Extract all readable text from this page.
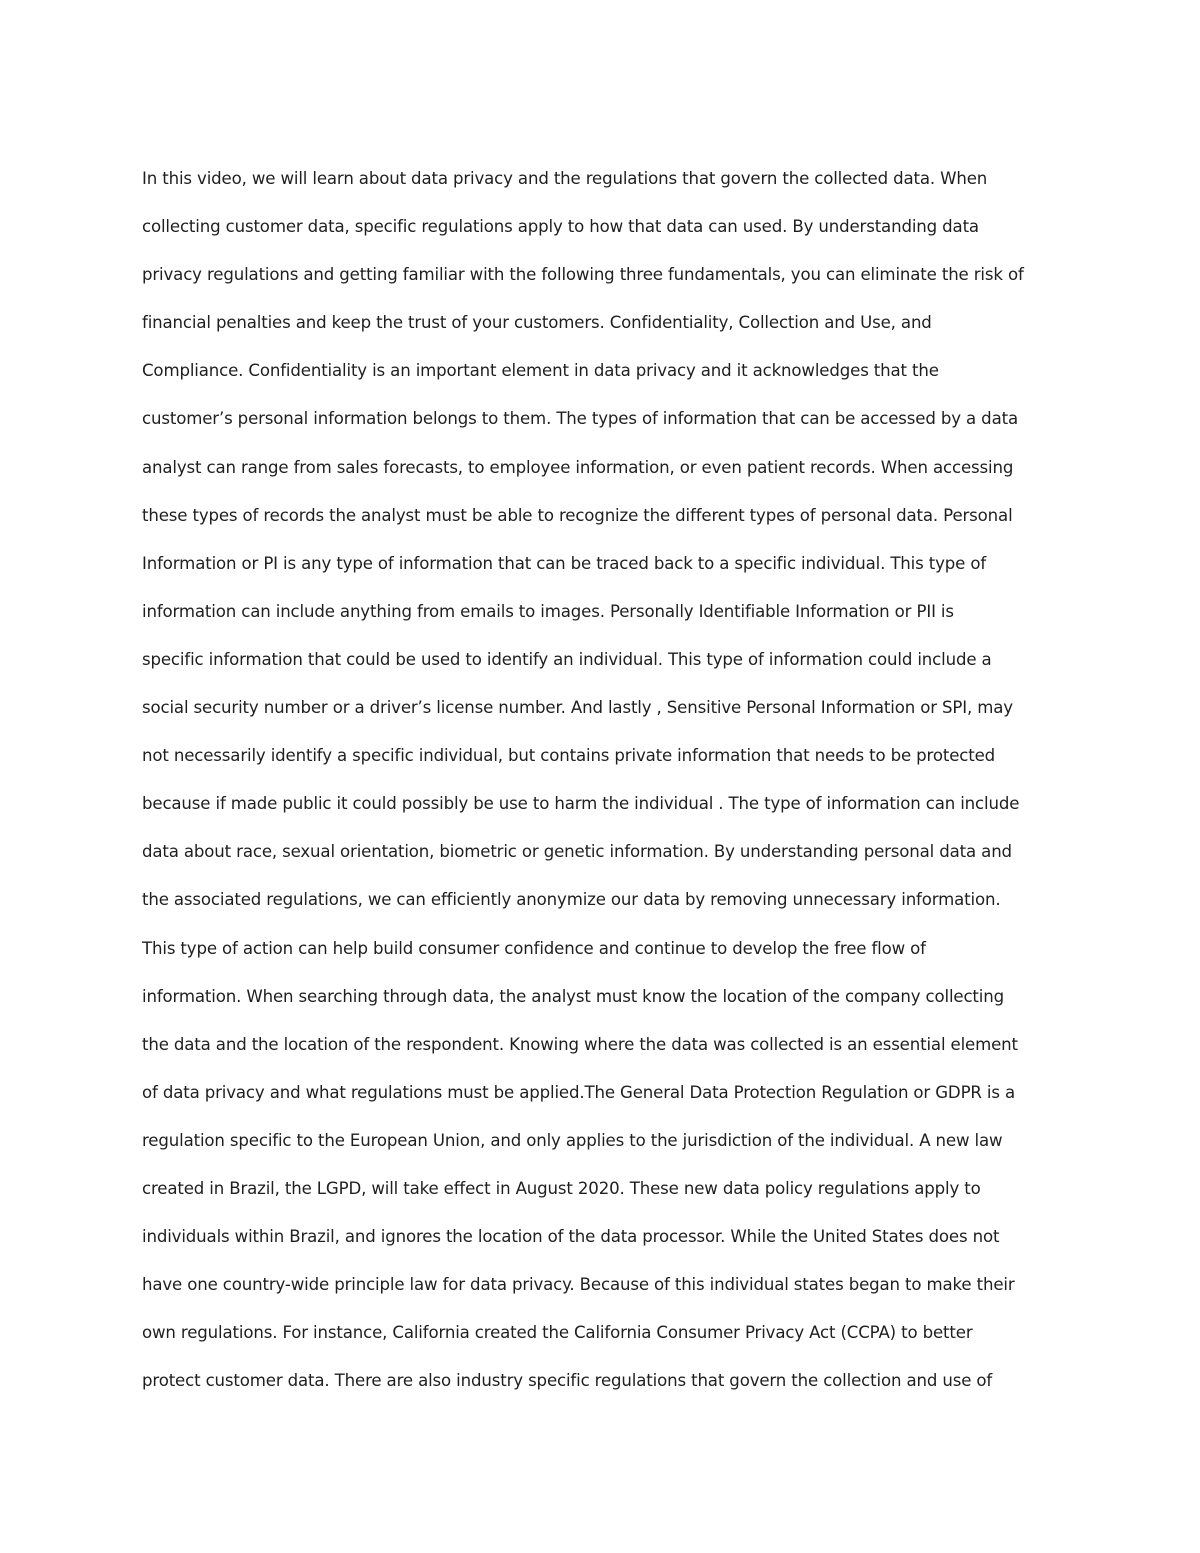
In this video, we will learn about data privacy and the regulations that govern the collected data. When
collecting customer data, specific regulations apply to how that data can used. By understanding data
privacy regulations and getting familiar with the following three fundamentals, you can eliminate the risk of
financial penalties and keep the trust of your customers. Confidentiality, Collection and Use, and
Compliance. Confidentiality is an important element in data privacy and it acknowledges that the
customer’s personal information belongs to them. The types of information that can be accessed by a data
analyst can range from sales forecasts, to employee information, or even patient records. When accessing
these types of records the analyst must be able to recognize the different types of personal data. Personal
Information or PI is any type of information that can be traced back to a specific individual. This type of
information can include anything from emails to images. Personally Identifiable Information or PII is
specific information that could be used to identify an individual. This type of information could include a
social security number or a driver’s license number. And lastly , Sensitive Personal Information or SPI, may
not necessarily identify a specific individual, but contains private information that needs to be protected
because if made public it could possibly be use to harm the individual . The type of information can include
data about race, sexual orientation, biometric or genetic information. By understanding personal data and
the associated regulations, we can efficiently anonymize our data by removing unnecessary information.
This type of action can help build consumer confidence and continue to develop the free flow of
information. When searching through data, the analyst must know the location of the company collecting
the data and the location of the respondent. Knowing where the data was collected is an essential element
of data privacy and what regulations must be applied.The General Data Protection Regulation or GDPR is a
regulation specific to the European Union, and only applies to the jurisdiction of the individual. A new law
created in Brazil, the LGPD, will take effect in August 2020. These new data policy regulations apply to
individuals within Brazil, and ignores the location of the data processor. While the United States does not
have one country-wide principle law for data privacy. Because of this individual states began to make their
own regulations. For instance, California created the California Consumer Privacy Act (CCPA) to better
protect customer data. There are also industry specific regulations that govern the collection and use of
